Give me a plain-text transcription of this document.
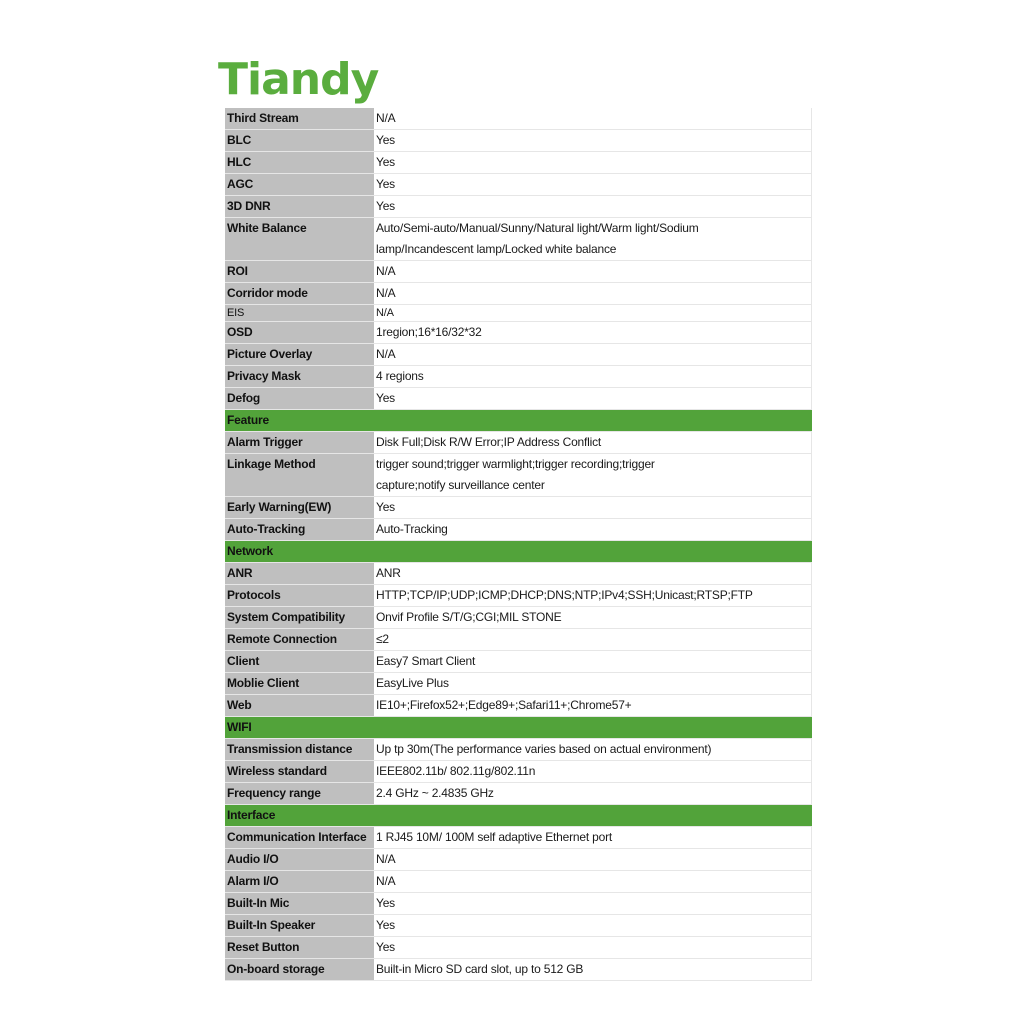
Tiandy
Third Stream	N/A
BLC	Yes
HLC	Yes
AGC	Yes
3D DNR	Yes
White Balance	Auto/Semi-auto/Manual/Sunny/Natural light/Warm light/Sodium
lamp/Incandescent lamp/Locked white balance

ROI	N/A
Corridor mode	N/A
EIS	N/A
OSD	1region;16*16/32*32
Picture Overlay	N/A
Privacy Mask	4 regions
Defog	Yes
Feature	
Alarm Trigger	Disk Full;Disk R/W Error;IP Address Conflict
Linkage Method	trigger sound;trigger warmlight;trigger recording;trigger
capture;notify surveillance center

Early Warning(EW)	Yes
Auto-Tracking	Auto-Tracking
Network	
ANR	ANR
Protocols	HTTP;TCP/IP;UDP;ICMP;DHCP;DNS;NTP;IPv4;SSH;Unicast;RTSP;FTP
System Compatibility	Onvif Profile S/T/G;CGI;MIL STONE
Remote Connection	≤2
Client	Easy7 Smart Client
Moblie Client	EasyLive Plus
Web	IE10+;Firefox52+;Edge89+;Safari11+;Chrome57+
WIFI	
Transmission distance	Up tp 30m(The performance varies based on actual environment)
Wireless standard	IEEE802.11b/ 802.11g/802.11n
Frequency range	2.4 GHz ~ 2.4835 GHz
Interface	
Communication Interface	1 RJ45 10M/ 100M self adaptive Ethernet port
Audio I/O	N/A
Alarm I/O	N/A
Built-In Mic	Yes
Built-In Speaker	Yes
Reset Button	Yes
On-board storage	Built-in Micro SD card slot, up to 512 GB
